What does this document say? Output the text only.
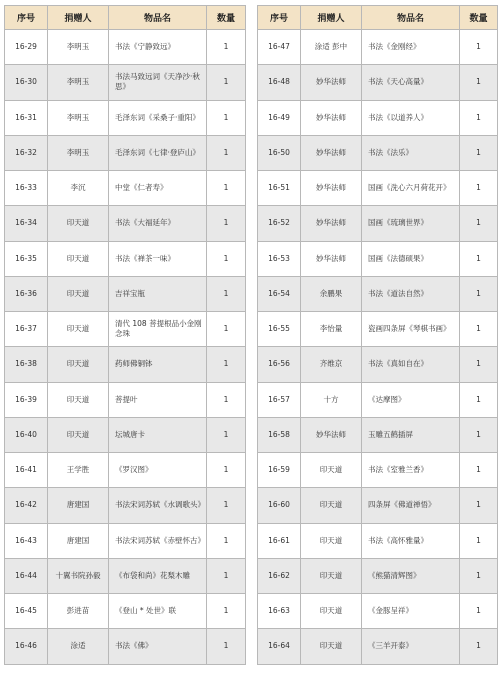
序号	捐赠人	物品名	数量
16-29	李明玉	书法《宁静致远》	1
16-30	李明玉	书法马致远词《天净沙·秋思》	1
16-31	李明玉	毛泽东词《采桑子·重阳》	1
16-32	李明玉	毛泽东词《七律·登庐山》	1
16-33	李沉	中堂《仁者寿》	1
16-34	印天道	书法《大福延年》	1
16-35	印天道	书法《禅茶一味》	1
16-36	印天道	吉祥宝瓶	1
16-37	印天道	清代 108 菩提根品小金刚念珠	1
16-38	印天道	药师佛铜钵	1
16-39	印天道	菩提叶	1
16-40	印天道	坛城唐卡	1
16-41	王学胜	《罗汉图》	1
16-42	唐建国	书法宋词苏轼《水调歌头》	1
16-43	唐建国	书法宋词苏轼《赤壁怀古》	1
16-44	十翼书院孙毅	《布袋和尚》花梨木雕	1
16-45	彭进苗	《登山 * 处世》联	1
16-46	涂适	书法《佛》	1
序号	捐赠人	物品名	数量
16-47	涂适 彭中	书法《金刚经》	1
16-48	妙华法师	书法《天心高量》	1
16-49	妙华法师	书法《以道养人》	1
16-50	妙华法师	书法《法乐》	1
16-51	妙华法师	国画《洗心六月荷花开》	1
16-52	妙华法师	国画《琉璃世界》	1
16-53	妙华法师	国画《法德硕果》	1
16-54	余鹏果	书法《道法自然》	1
16-55	李怡量	瓷画四条屏《琴棋书画》	1
16-56	齐维京	书法《真如自在》	1
16-57	十方	《达摩图》	1
16-58	妙华法师	玉雕五鹤插屏	1
16-59	印天道	书法《室雅兰香》	1
16-60	印天道	四条屏《佛道禅悟》	1
16-61	印天道	书法《高怀雅量》	1
16-62	印天道	《熊猫清辉图》	1
16-63	印天道	《金豚呈祥》	1
16-64	印天道	《三羊开泰》	1
